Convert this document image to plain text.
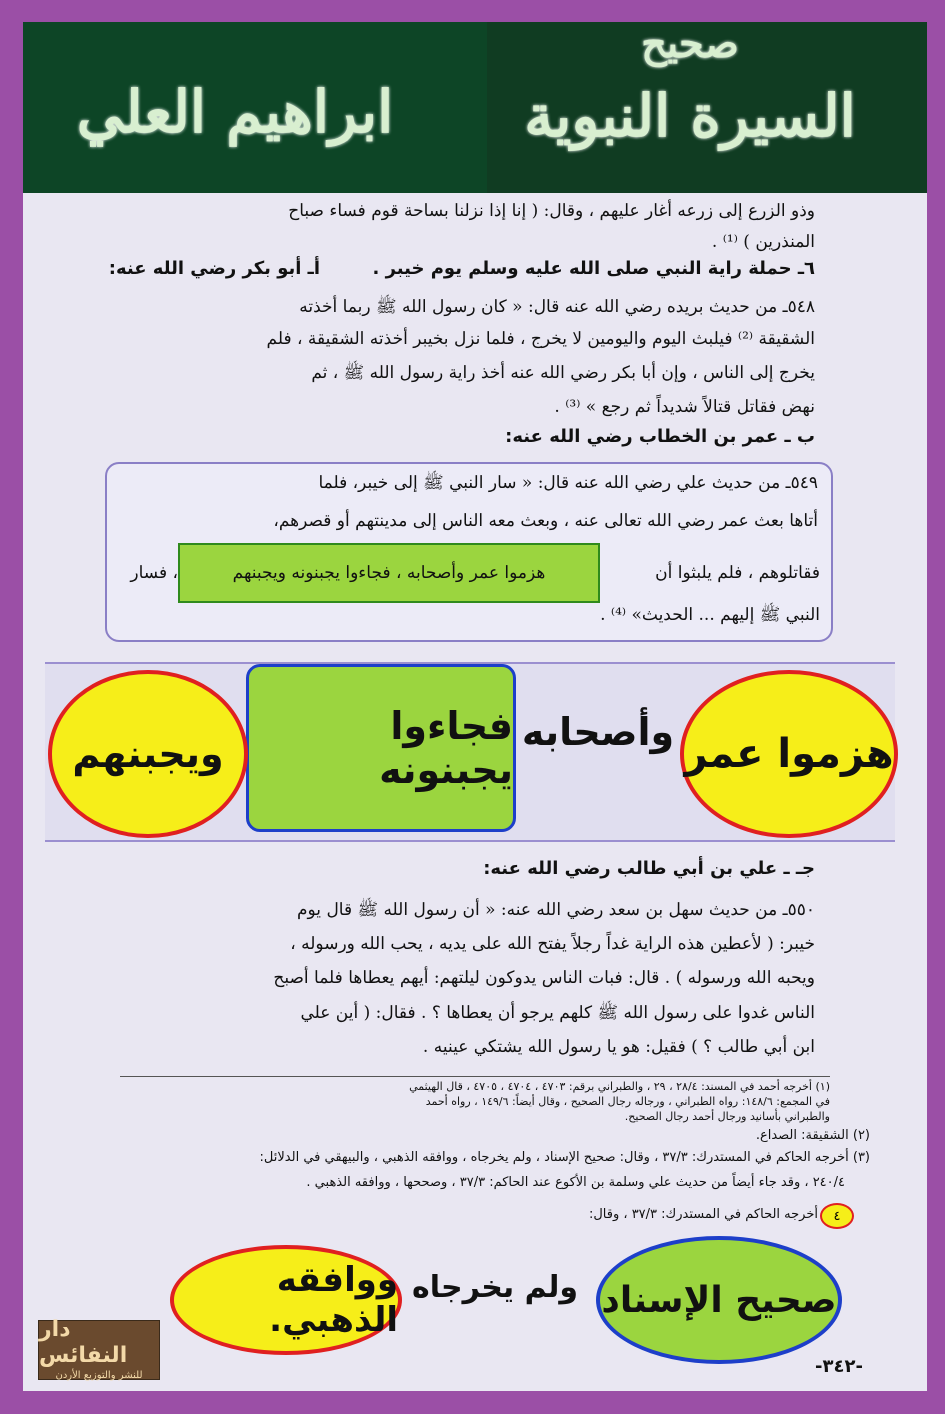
ابراهيم العلي
صحيح
السيرة النبوية
وذو الزرع إلى زرعه أغار عليهم ، وقال: ( إنا إذا نزلنا بساحة قوم فساء صباح
المنذرين ) ⁽¹⁾ .
٦ـ حملة راية النبي صلى الله عليه وسلم يوم خيبر .
أـ أبو بكر رضي الله عنه:
٥٤٨ـ من حديث بريده رضي الله عنه قال: « كان رسول الله ﷺ ربما أخذته
الشقيقة ⁽²⁾ فيلبث اليوم واليومين لا يخرج ، فلما نزل بخيبر أخذته الشقيقة ، فلم
يخرج إلى الناس ، وإن أبا بكر رضي الله عنه أخذ راية رسول الله ﷺ ، ثم
نهض فقاتل قتالاً شديداً ثم رجع » ⁽³⁾ .
ب ـ عمر بن الخطاب رضي الله عنه:
٥٤٩ـ من حديث علي رضي الله عنه قال: « سار النبي ﷺ إلى خيبر، فلما
أتاها بعث عمر رضي الله تعالى عنه ، وبعث معه الناس إلى مدينتهم أو قصرهم،
فقاتلوهم ، فلم يلبثوا أن
هزموا عمر وأصحابه ، فجاءوا يجبنونه ويجبنهم
، فسار
النبي ﷺ إليهم ... الحديث» ⁽⁴⁾ .
هزموا عمر
وأصحابه
فجاءوا يجبنونه
ويجبنهم
جـ ـ علي بن أبي طالب رضي الله عنه:
٥٥٠ـ من حديث سهل بن سعد رضي الله عنه: « أن رسول الله ﷺ قال يوم
خيبر: ( لأعطين هذه الراية غداً رجلاً يفتح الله على يديه ، يحب الله ورسوله ،
ويحبه الله ورسوله ) . قال: فبات الناس يدوكون ليلتهم: أيهم يعطاها فلما أصبح
الناس غدوا على رسول الله ﷺ كلهم يرجو أن يعطاها ؟ . فقال: ( أين علي
ابن أبي طالب ؟ ) فقيل: هو يا رسول الله يشتكي عينيه .
(١) أخرجه أحمد في المسند: ٢٨/٤ ، ٢٩ ، والطبراني برقم: ٤٧٠٣ ، ٤٧٠٤ ، ٤٧٠٥ ، قال الهيثمي
في المجمع: ١٤٨/٦: رواه الطبراني ، ورجاله رجال الصحيح ، وقال أيضاً: ١٤٩/٦ ، رواه أحمد
والطبراني بأسانيد ورجال أحمد رجال الصحيح.
(٢) الشقيقة: الصداع.
(٣) أخرجه الحاكم في المستدرك: ٣٧/٣ ، وقال: صحيح الإسناد ، ولم يخرجاه ، ووافقه الذهبي ، والبيهقي في الدلائل:
٢٤٠/٤ ، وقد جاء أيضاً من حديث علي وسلمة بن الأكوع عند الحاكم: ٣٧/٣ ، وصححها ، ووافقه الذهبي .
٤
أخرجه الحاكم في المستدرك: ٣٧/٣ ، وقال:
صحيح الإسناد
ولم يخرجاه
ووافقه الذهبي.
دار النفائس
للنشر والتوزيع الأردن	-٣٤٢-
